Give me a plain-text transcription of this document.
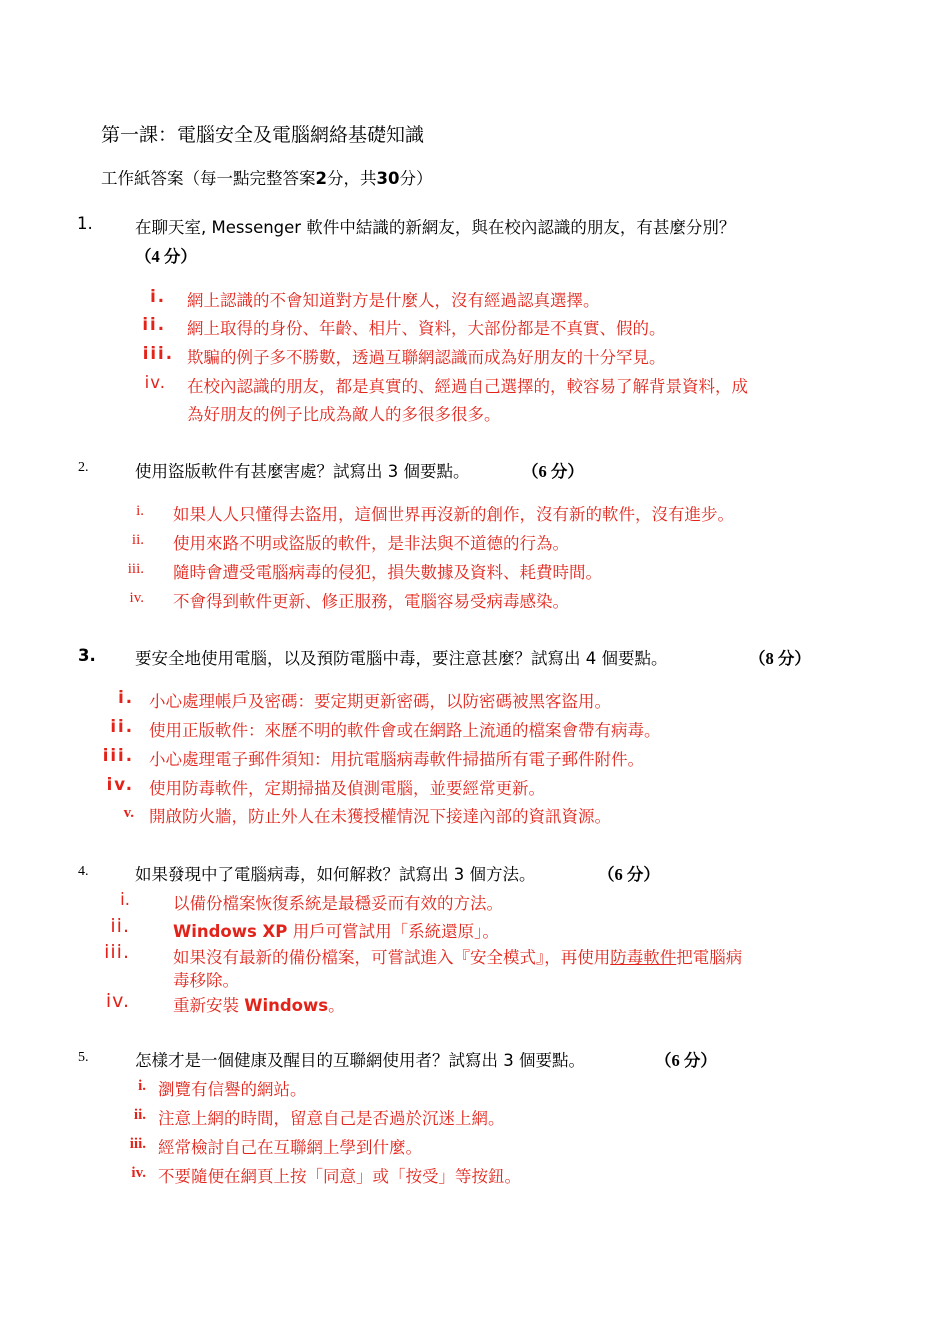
第一課：電腦安全及電腦網絡基礎知識
工作紙答案（每一點完整答案2分，共30分）
1.	在聊天室, Messenger 軟件中結識的新網友，與在校內認識的朋友，有甚麼分別？
（4 分）
i. 網上認識的不會知道對方是什麼人，沒有經過認真選擇。
ii. 網上取得的身份、年齡、相片、資料，大部份都是不真實、假的。
iii. 欺騙的例子多不勝數，透過互聯網認識而成為好朋友的十分罕見。
iv. 在校內認識的朋友，都是真實的、經過自己選擇的，較容易了解背景資料，成
為好朋友的例子比成為敵人的多很多很多。
2.	使用盜版軟件有甚麼害處？試寫出 3 個要點。	（6 分）
i. 如果人人只懂得去盜用，這個世界再沒新的創作，沒有新的軟件，沒有進步。
ii. 使用來路不明或盜版的軟件，是非法與不道德的行為。
iii. 隨時會遭受電腦病毒的侵犯，損失數據及資料、耗費時間。
iv. 不會得到軟件更新、修正服務，電腦容易受病毒感染。
3. 要安全地使用電腦，以及預防電腦中毒，要注意甚麼？試寫出 4 個要點。	（8 分）
i. 小心處理帳戶及密碼：要定期更新密碼，以防密碼被黑客盜用。
ii. 使用正版軟件：來歷不明的軟件會或在網路上流通的檔案會帶有病毒。
iii. 小心處理電子郵件須知：用抗電腦病毒軟件掃描所有電子郵件附件。
iv. 使用防毒軟件，定期掃描及偵測電腦，並要經常更新。
v. 開啟防火牆，防止外人在未獲授權情況下接達內部的資訊資源。
4.	如果發現中了電腦病毒，如何解救？試寫出 3 個方法。	（6 分）
i.	以備份檔案恢復系統是最穩妥而有效的方法。
ii.	Windows XP 用戶可嘗試用「系統還原」。
iii.	如果沒有最新的備份檔案，可嘗試進入『安全模式』，再使用防毒軟件把電腦病
毒移除。
iv.	重新安裝 Windows。
5.	怎樣才是一個健康及醒目的互聯網使用者？試寫出 3 個要點。	（6 分）
i. 瀏覽有信譽的網站。
ii. 注意上網的時間，留意自己是否過於沉迷上網。
iii. 經常檢討自己在互聯網上學到什麼。
iv. 不要隨便在網頁上按「同意」或「按受」等按鈕。
